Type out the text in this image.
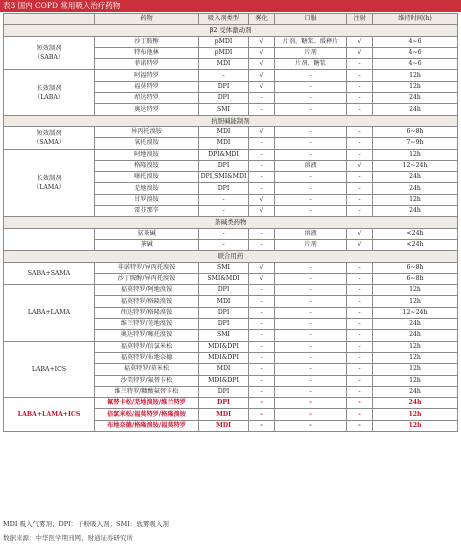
表3 国内 COPD 常用吸入治疗药物
	药物	吸入剂类型	雾化	口服	注射	维持时间(h)
β2 受体激动剂						

短效制剂
（SABA）	沙丁胺醇	pMDI	√	片剂、糖浆、缓释片	√	4~6
	特布他林	pMDI	√	片剂	√	4~6
	菲诺特罗	MDI	√	片剂、糖浆	-	4~6

长效制剂
（LABA）	阿福特罗	-	√	-	-	12h
	福莫特罗	DPI	√	-	-	12h
	茚达特罗	DPI	-	-	-	24h
	奥达特罗	SMI	-	-	-	24h
抗胆碱能制剂						

短效制剂
（SAMA）	异丙托溴铵	MDI	√	-	-	6~8h
	氧托溴铵	MDI	-	-	-	7~9h

长效制剂
（LAMA）	阿地溴铵	DPI&MDI	-	-	-	12h
	格隆溴铵	DPI	-	溶液	√	12~24h
	噻托溴铵	DPI,SMI&MDI	-	-	-	24h
	芜地溴铵	DPI	-	-	-	24h
	甘罗溴铵	-	√	-	-	12h
	雷芬那辛	-	√	-	-	24h
茶碱类药物						
	氨茶碱	-	-	溶液	√	<24h
	茶碱	-	-	片剂	√	<24h
联合用药						

SABA+SAMA	非诺特罗/异丙托溴铵	SMI	√	-	-	6~8h
	沙丁胺醇/异丙托溴铵	SMI&MDI	√	-	-	6~8h

LABA+LAMA	福莫特罗/阿地溴铵	DPI	-	-	-	12h
	福莫特罗/格隆溴铵	MDI	-	-	-	12h
	茚达特罗/格隆溴铵	DPI	-	-	-	12~24h
	维兰特罗/芜地溴铵	DPI	-	-	-	24h
	奥达特罗/噻托溴铵	SMI	-	-	-	24h

LABA+ICS	福莫特罗/倍氯米松	MDI&DPI	-	-	-	12h
	福莫特罗/布地奈德	MDI&DPI	-	-	-	12h
	福莫特罗/莫米松	MDI	-	-	-	12h
	沙美特罗/氟替卡松	MDI&DPI	-	-	-	12h
	维兰特罗/糠酸氟替卡松	DPI	-	-	-	24h

LABA+LAMA+ICS	氟替卡松/芜地溴铵/维兰特罗	DPI	-	-	-	24h
	倍氯米松/福莫特罗/格隆溴铵	MDI	-	-	-	12h
	布地奈德/格隆溴铵/福莫特罗	MDI	-	-	-	12h
MDI 吸入气雾剂；DPI：干粉吸入剂；SMI：软雾吸入剂
数据来源：中华医学期刊网、财通证券研究所
